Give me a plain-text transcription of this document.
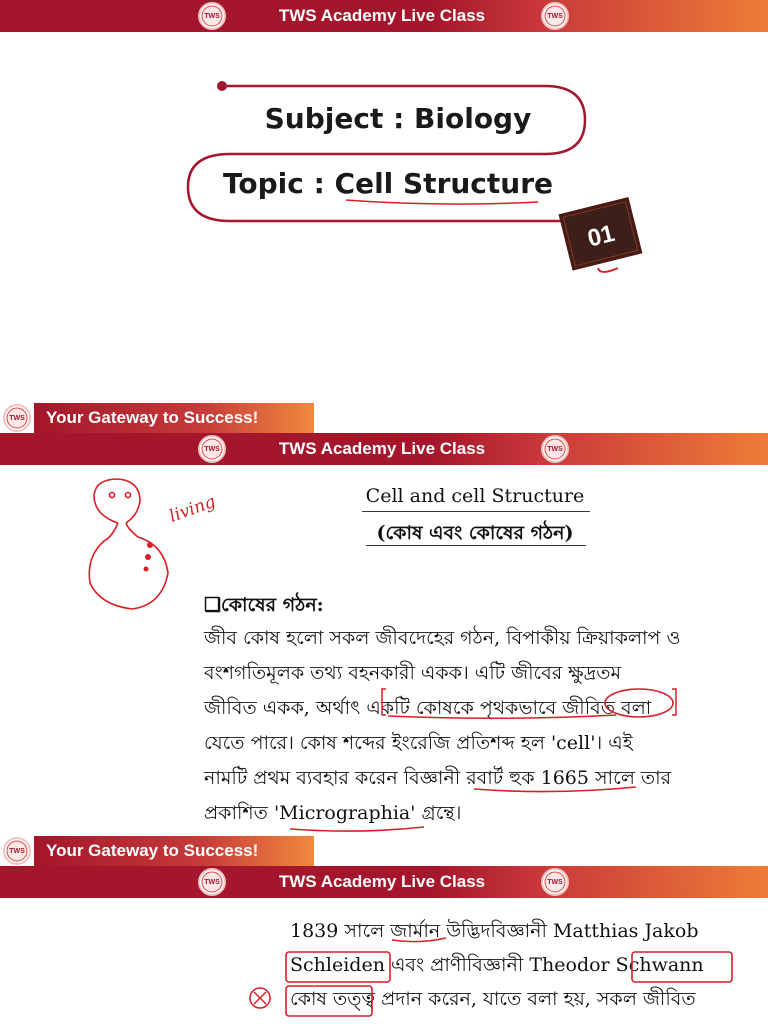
TWS	TWS Academy Live Class	TWS
01
Subject : Biology
Topic : Cell Structure
TWS	Your Gateway to Success!
TWS	TWS Academy Live Class	TWS
Cell and cell Structure
(কোষ এবং কোষের গঠন)
❑কোষের গঠন:
জীব কোষ হলো সকল জীবদেহের গঠন, বিপাকীয় ক্রিয়াকলাপ ও
বংশগতিমূলক তথ্য বহনকারী একক। এটি জীবের ক্ষুদ্রতম
জীবিত একক, অর্থাৎ একটি কোষকে পৃথকভাবে জীবিত বলা
যেতে পারে। কোষ শব্দের ইংরেজি প্রতিশব্দ হল 'cell'। এই
নামটি প্রথম ব্যবহার করেন বিজ্ঞানী রবার্ট হুক 1665 সালে তার
প্রকাশিত 'Micrographia' গ্রন্থে।
living
TWS	Your Gateway to Success!
TWS	TWS Academy Live Class	TWS
1839 সালে জার্মান উদ্ভিদবিজ্ঞানী Matthias Jakob
Schleiden এবং প্রাণীবিজ্ঞানী Theodor Schwann
কোষ তত্ত্ব প্রদান করেন, যাতে বলা হয়, সকল জীবিত
